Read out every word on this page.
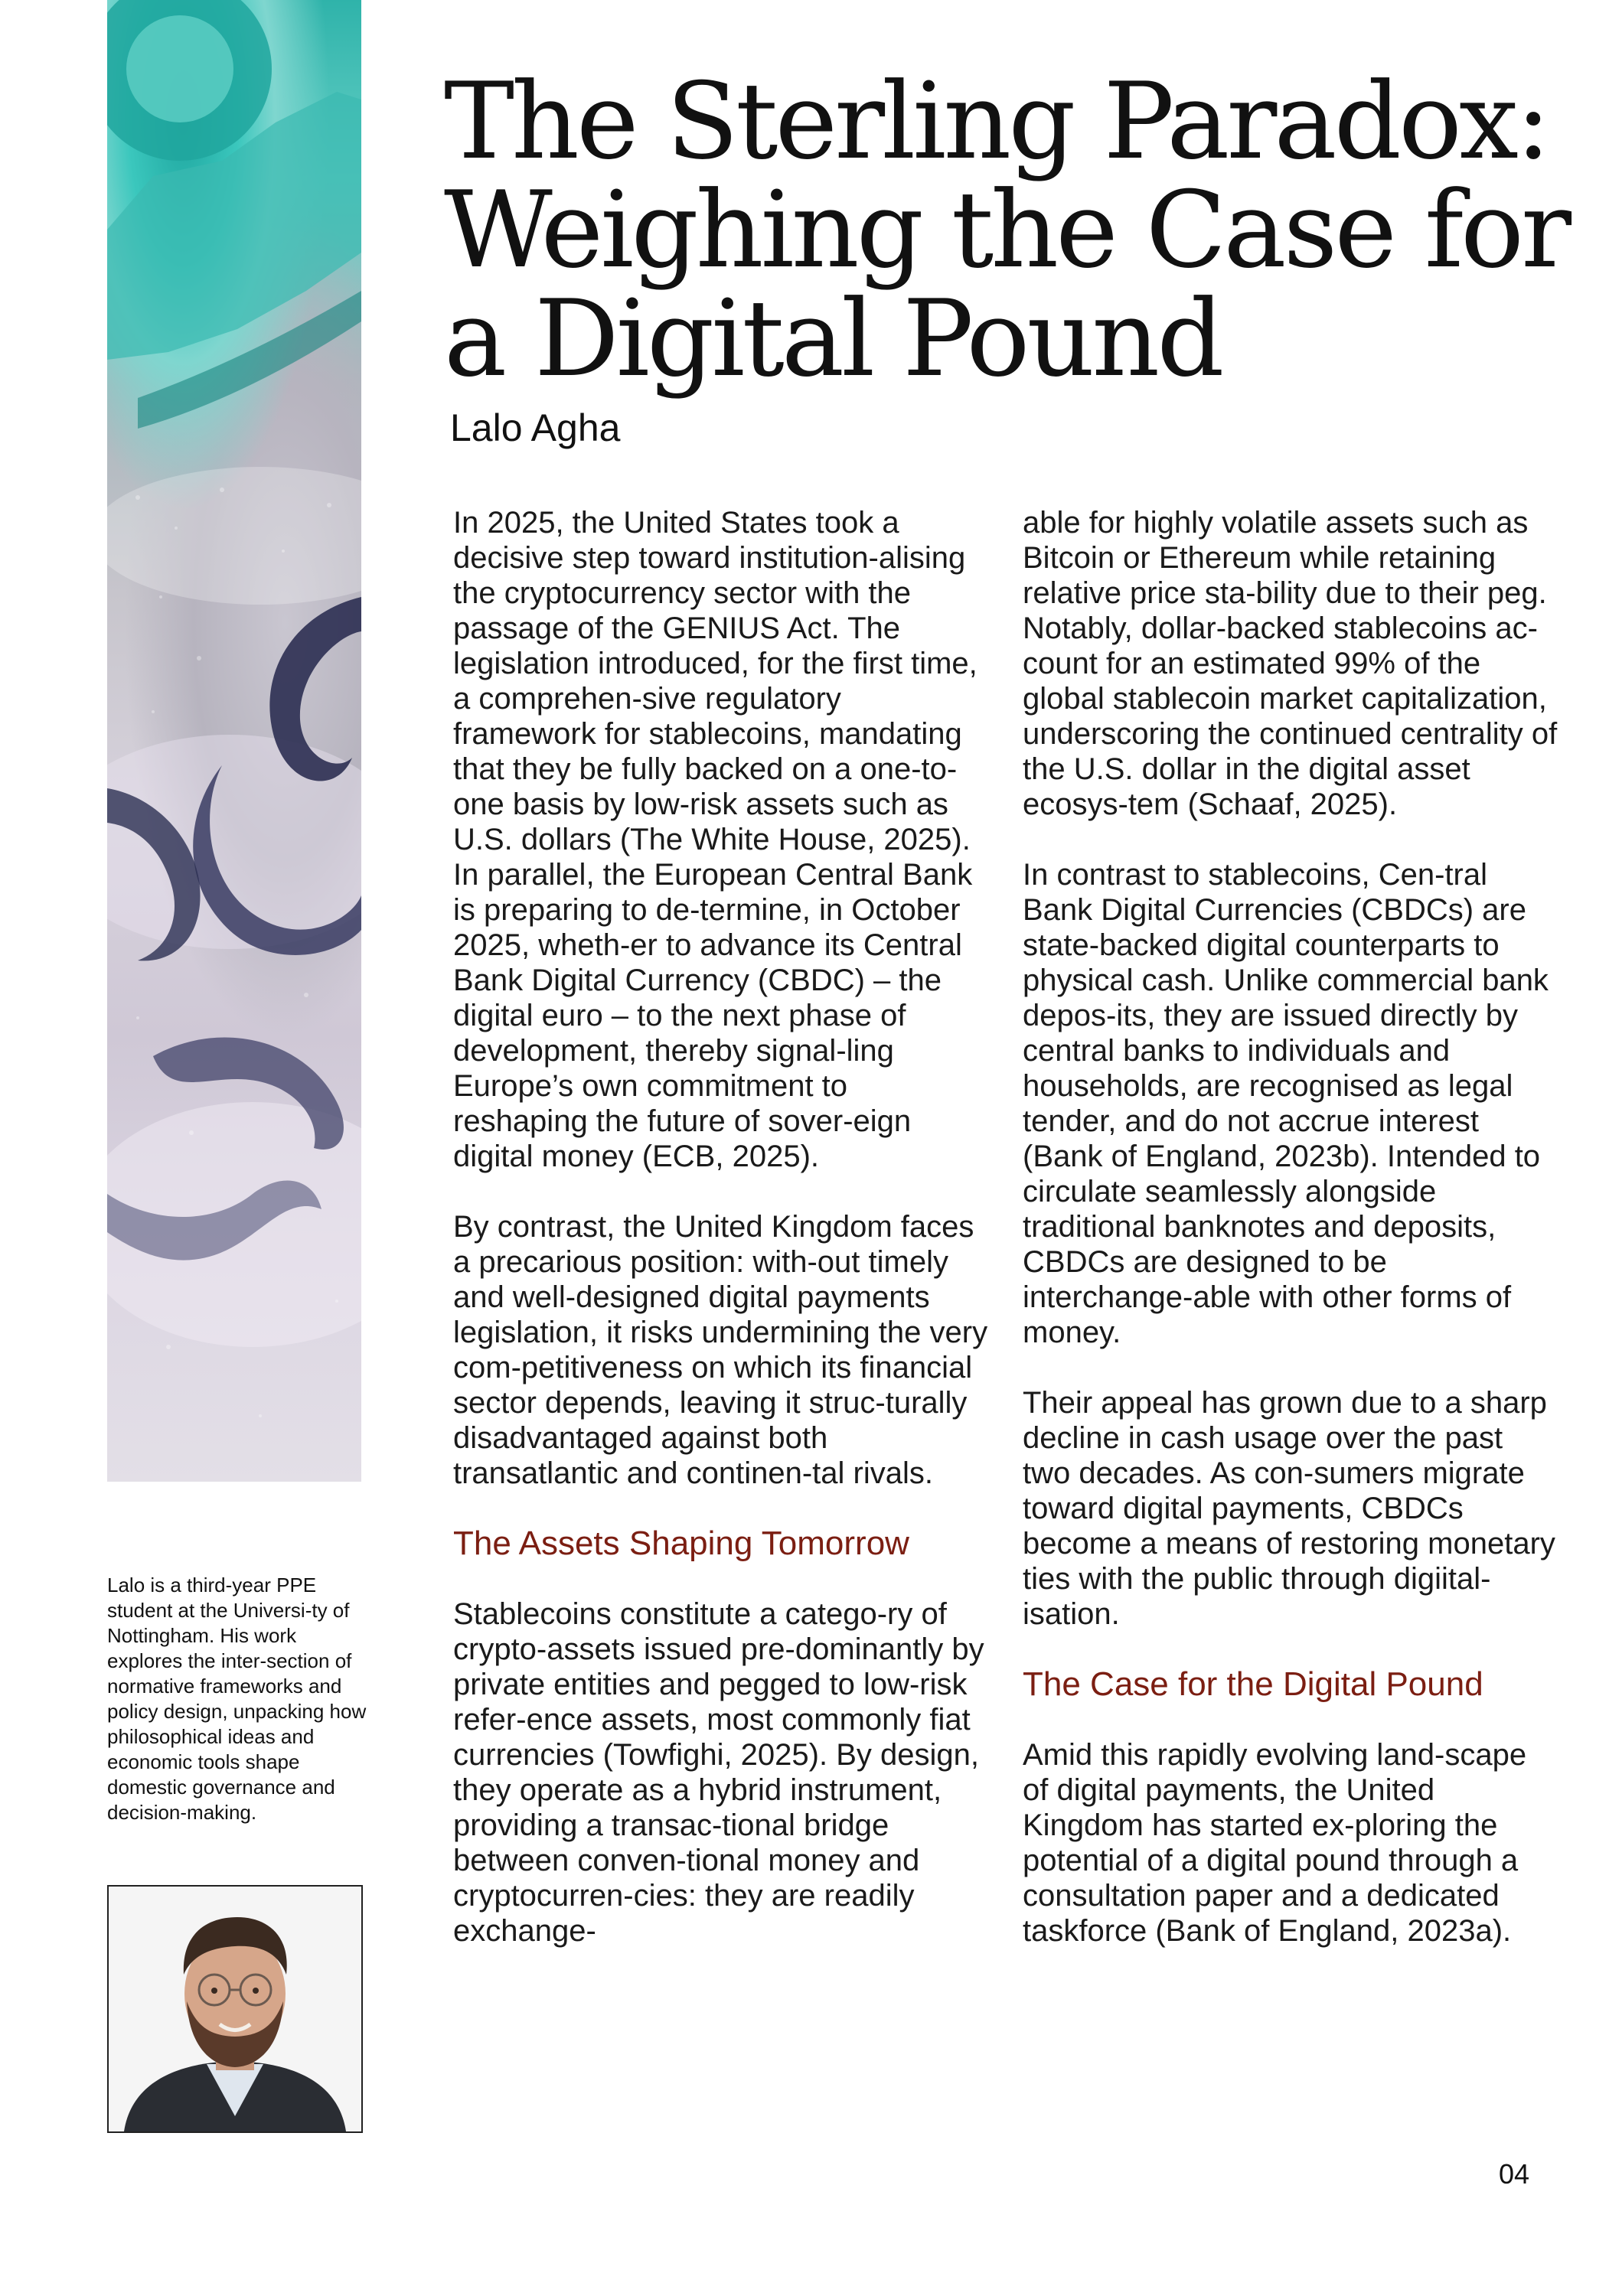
The Sterling Paradox: Weighing the Case for a Digital Pound

Lalo Agha

In 2025, the United States took a decisive step toward institution-alising the cryptocurrency sector with the passage of the GENIUS Act. The legislation introduced, for the first time, a comprehen-sive regulatory framework for stablecoins, mandating that they be fully backed on a one-to-one basis by low-risk assets such as U.S. dollars (The White House, 2025). In parallel, the European Central Bank is preparing to de-termine, in October 2025, wheth-er to advance its Central Bank Digital Currency (CBDC) – the digital euro – to the next phase of development, thereby signal-ling Europe’s own commitment to reshaping the future of sover-eign digital money (ECB, 2025).

By contrast, the United Kingdom faces a precarious position: with-out timely and well-designed digital payments legislation, it risks undermining the very com-petitiveness on which its financial sector depends, leaving it struc-turally disadvantaged against both transatlantic and continen-tal rivals.

The Assets Shaping Tomorrow

Stablecoins constitute a catego-ry of crypto-assets issued pre-dominantly by private entities and pegged to low-risk refer-ence assets, most commonly fiat currencies (Towfighi, 2025). By design, they operate as a hybrid instrument, providing a transac-tional bridge between conven-tional money and cryptocurren-cies: they are readily exchange-

able for highly volatile assets such as Bitcoin or Ethereum while retaining relative price sta-bility due to their peg. Notably, dollar-backed stablecoins ac-count for an estimated 99% of the global stablecoin market capitalization, underscoring the continued centrality of the U.S. dollar in the digital asset ecosys-tem (Schaaf, 2025).

In contrast to stablecoins, Cen-tral Bank Digital Currencies (CBDCs) are state-backed digital counterparts to physical cash. Unlike commercial bank depos-its, they are issued directly by central banks to individuals and households, are recognised as legal tender, and do not accrue interest (Bank of England, 2023b). Intended to circulate seamlessly alongside traditional banknotes and deposits, CBDCs are designed to be interchange-able with other forms of money.

Their appeal has grown due to a sharp decline in cash usage over the past two decades. As con-sumers migrate toward digital payments, CBDCs become a means of restoring monetary ties with the public through digiital-isation.

The Case for the Digital Pound

Amid this rapidly evolving land-scape of digital payments, the United Kingdom has started ex-ploring the potential of a digital pound through a consultation paper and a dedicated taskforce (Bank of England, 2023a).

Lalo is a third-year PPE student at the Universi-ty of Nottingham. His work explores the inter-section of normative frameworks and policy design, unpacking how philosophical ideas and economic tools shape domestic governance and decision-making.

04
